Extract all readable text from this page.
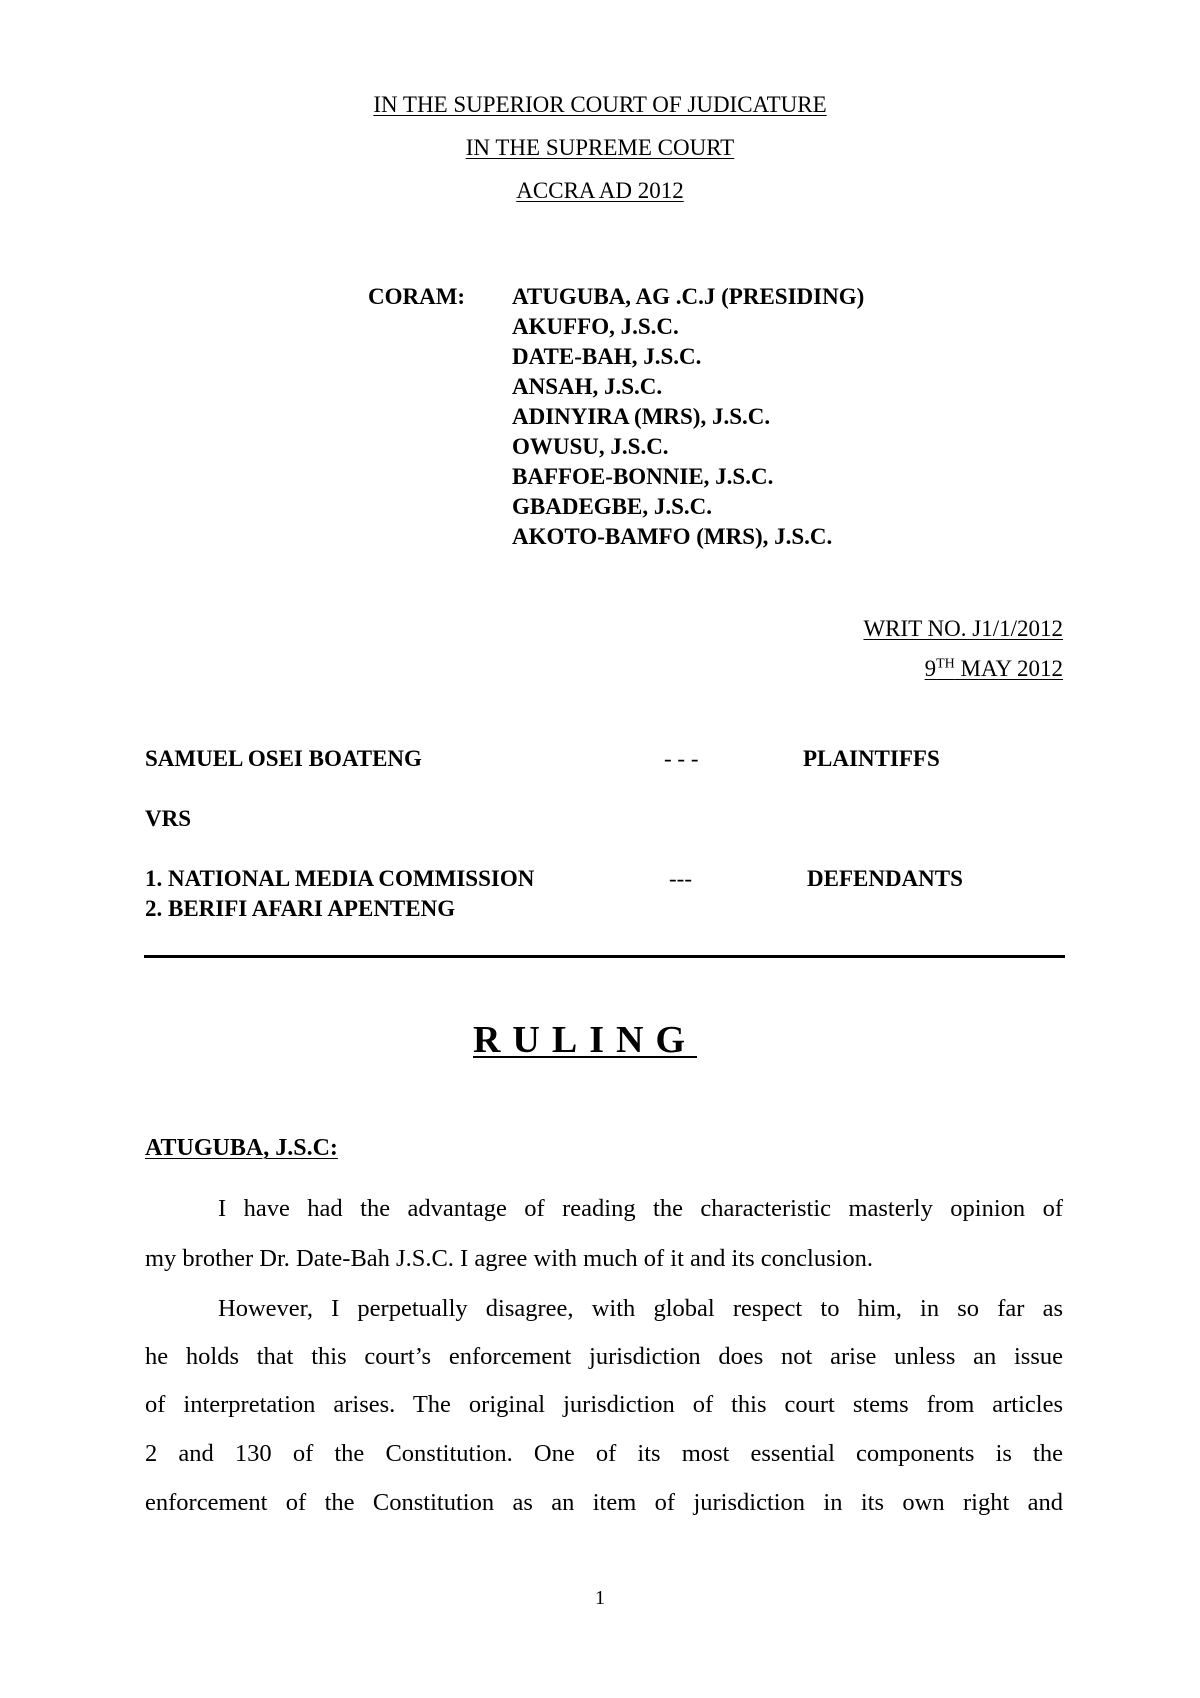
IN THE SUPERIOR COURT OF JUDICATURE
IN THE SUPREME COURT
ACCRA AD 2012
CORAM: ATUGUBA, AG .C.J (PRESIDING)
AKUFFO, J.S.C.
DATE-BAH, J.S.C.
ANSAH, J.S.C.
ADINYIRA (MRS), J.S.C.
OWUSU, J.S.C.
BAFFOE-BONNIE, J.S.C.
GBADEGBE, J.S.C.
AKOTO-BAMFO (MRS), J.S.C.
WRIT NO. J1/1/2012
9TH MAY 2012
SAMUEL OSEI BOATENG	- - -	PLAINTIFFS
VRS
1. NATIONAL MEDIA COMMISSION	---	DEFENDANTS
2. BERIFI AFARI APENTENG
RULING
ATUGUBA, J.S.C:
I have had the advantage of reading the characteristic masterly opinion of
my brother Dr. Date-Bah J.S.C. I agree with much of it and its conclusion.
However, I perpetually disagree, with global respect to him, in so far as
he holds that this court’s enforcement jurisdiction does not arise unless an issue
of interpretation arises. The original jurisdiction of this court stems from articles
2 and 130 of the Constitution. One of its most essential components is the
enforcement of the Constitution as an item of jurisdiction in its own right and
1
